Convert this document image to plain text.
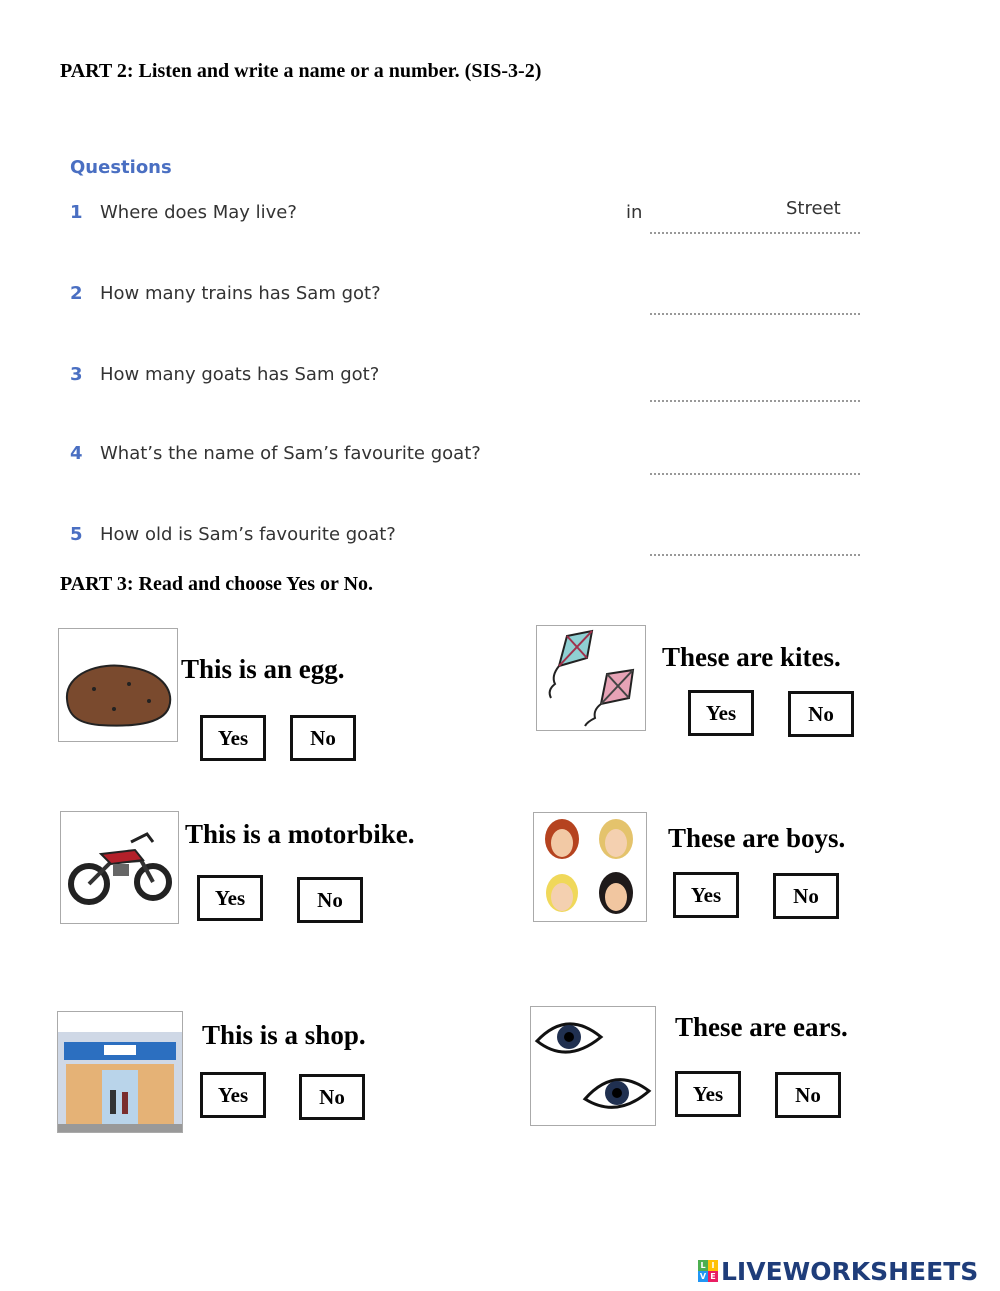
PART 2: Listen and write a name or a number. (SIS-3-2)
Questions
1 Where does May live?	in	Street
2 How many trains has Sam got?
3 How many goats has Sam got?
4 What’s the name of Sam’s favourite goat?
5 How old is Sam’s favourite goat?
PART 3: Read and choose Yes or No.
This is an egg.
Yes	No
These are kites.
Yes	No
This is a motorbike.
Yes	No
These are boys.
Yes	No
This is a shop.
Yes	No
These are ears.
Yes	No
L I
V E LIVEWORKSHEETS
